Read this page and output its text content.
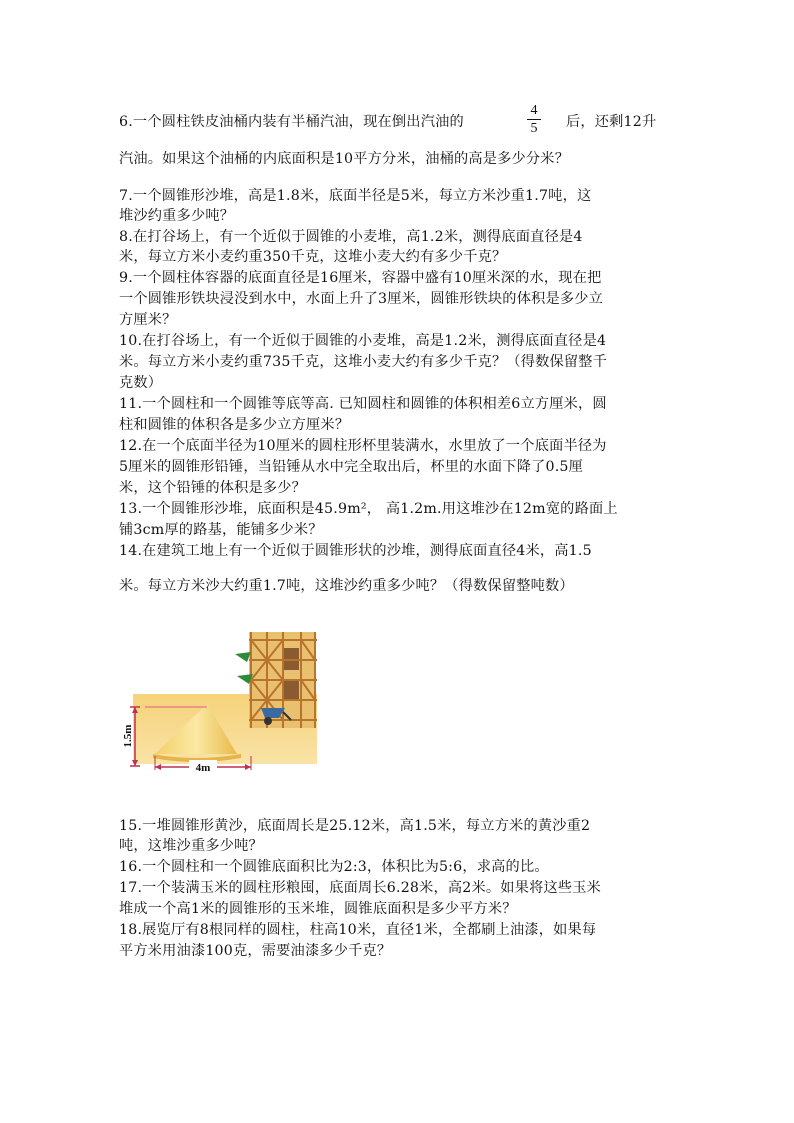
6.一个圆柱铁皮油桶内装有半桶汽油，现在倒出汽油的
4
5	后，还剩12升
汽油。如果这个油桶的内底面积是10平方分米，油桶的高是多少分米？
7.一个圆锥形沙堆，高是1.8米，底面半径是5米，每立方米沙重1.7吨，这
堆沙约重多少吨？
8.在打谷场上，有一个近似于圆锥的小麦堆，高1.2米，测得底面直径是4
米，每立方米小麦约重350千克，这堆小麦大约有多少千克？
9.一个圆柱体容器的底面直径是16厘米，容器中盛有10厘米深的水，现在把
一个圆锥形铁块浸没到水中，水面上升了3厘米，圆锥形铁块的体积是多少立
方厘米？
10.在打谷场上，有一个近似于圆锥的小麦堆，高是1.2米，测得底面直径是4
米。每立方米小麦约重735千克，这堆小麦大约有多少千克？（得数保留整千
克数）
11.一个圆柱和一个圆锥等底等高. 已知圆柱和圆锥的体积相差6立方厘米，圆
柱和圆锥的体积各是多少立方厘米？
12.在一个底面半径为10厘米的圆柱形杯里装满水，水里放了一个底面半径为
5厘米的圆锥形铅锤，当铅锤从水中完全取出后，杯里的水面下降了0.5厘
米，这个铅锤的体积是多少？
13.一个圆锥形沙堆，底面积是45.9m²， 高1.2m.用这堆沙在12m宽的路面上
铺3cm厚的路基，能铺多少米？
14.在建筑工地上有一个近似于圆锥形状的沙堆，测得底面直径4米，高1.5
米。每立方米沙大约重1.7吨，这堆沙约重多少吨？（得数保留整吨数）
1.5m
4m
15.一堆圆锥形黄沙，底面周长是25.12米，高1.5米，每立方米的黄沙重2
吨，这堆沙重多少吨？
16.一个圆柱和一个圆锥底面积比为2:3，体积比为5:6，求高的比。
17.一个装满玉米的圆柱形粮囤，底面周长6.28米，高2米。如果将这些玉米
堆成一个高1米的圆锥形的玉米堆，圆锥底面积是多少平方米？
18.展览厅有8根同样的圆柱，柱高10米，直径1米，全都刷上油漆，如果每
平方米用油漆100克，需要油漆多少千克？
